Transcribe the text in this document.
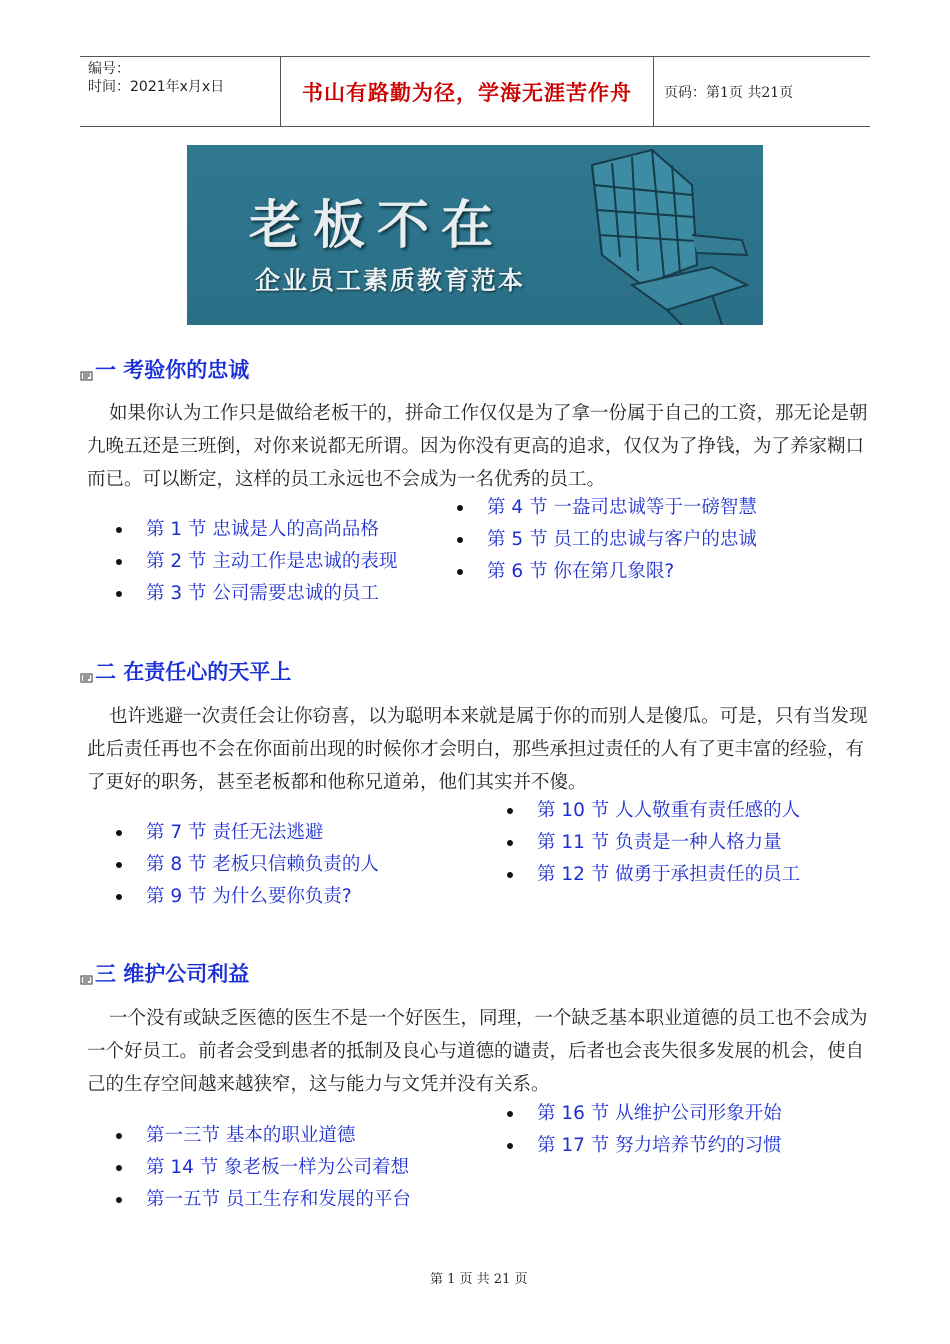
编号：
时间：2021年x月x日	书山有路勤为径，学海无涯苦作舟 页码：第1页 共21页
老板不在
企业员工素质教育范本
一 考验你的忠诚
如果你认为工作只是做给老板干的，拼命工作仅仅是为了拿一份属于自己的工资，那无论是朝九晚五还是三班倒，对你来说都无所谓。因为你没有更高的追求，仅仅为了挣钱，为了养家糊口而已。可以断定，这样的员工永远也不会成为一名优秀的员工。
第 1 节 忠诚是人的高尚品格
第 2 节 主动工作是忠诚的表现
第 3 节 公司需要忠诚的员工
第 4 节 一盎司忠诚等于一磅智慧
第 5 节 员工的忠诚与客户的忠诚
第 6 节 你在第几象限?
二 在责任心的天平上
也许逃避一次责任会让你窃喜，以为聪明本来就是属于你的而别人是傻瓜。可是，只有当发现此后责任再也不会在你面前出现的时候你才会明白，那些承担过责任的人有了更丰富的经验，有了更好的职务，甚至老板都和他称兄道弟，他们其实并不傻。
第 7 节 责任无法逃避
第 8 节 老板只信赖负责的人
第 9 节 为什么要你负责?
第 10 节 人人敬重有责任感的人
第 11 节 负责是一种人格力量
第 12 节 做勇于承担责任的员工
三 维护公司利益
一个没有或缺乏医德的医生不是一个好医生，同理，一个缺乏基本职业道德的员工也不会成为一个好员工。前者会受到患者的抵制及良心与道德的谴责，后者也会丧失很多发展的机会，使自己的生存空间越来越狭窄，这与能力与文凭并没有关系。
第一三节 基本的职业道德
第 14 节 象老板一样为公司着想
第一五节 员工生存和发展的平台
第 16 节 从维护公司形象开始
第 17 节 努力培养节约的习惯
第 1 页 共 21 页
